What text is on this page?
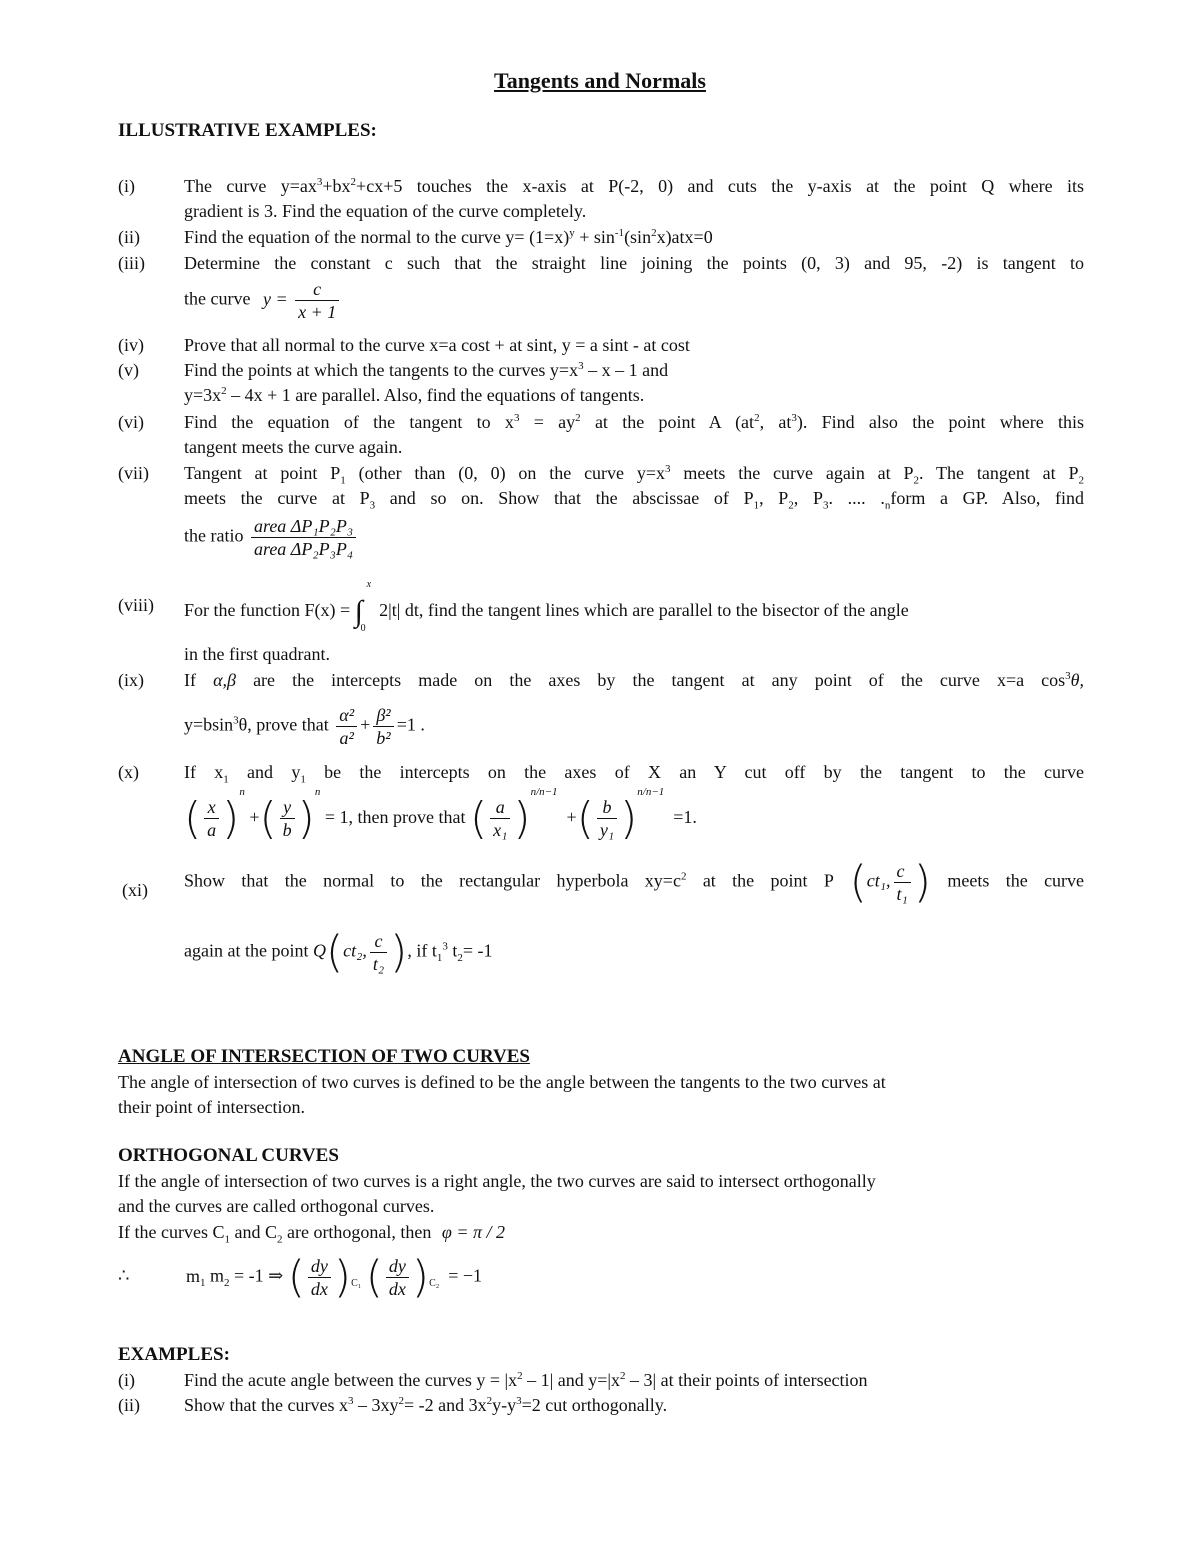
Tangents and Normals
ILLUSTRATIVE EXAMPLES:
(i)	The curve $y=ax^3+bx^2+cx+5$ touches the x-axis at P(-2, 0) and cuts the y-axis at the point Q where its
gradient is 3. Find the equation of the curve completely.
(ii) Find the equation of the normal to the curve $y= (1=x)^y + \sin^{-1}(\sin^2x)atx=0$
(iii) Determine the constant c such that the straight line joining the points (0, 3) and 95, -2) is tangent to
the curve $y = \frac{c}{x + 1}$
(iv) Prove that all normal to the curve x=a cost + at sint, y = a sint - at cost
(v)	Find the points at which the tangents to the curves $y=x^3 - x - 1$ and
$y=3x^2 - 4x + 1$ are parallel. Also, find the equations of tangents.
(vi) Find the equation of the tangent to $x^3 = ay^2$ at the point A ($at^2$, $at^3$). Find also the point where this
tangent meets the curve again.
(vii) Tangent at point $P_1$ (other than (0, 0) on the curve $y=x^3$ meets the curve again at $P_2$. The tangent at $P_2$
meets the curve at $P_3$ and so on. Show that the abscissae of $P_1$, $P_2$, $P_3$. .... $._nform$ a GP. Also, find
the ratio $\frac{\text{area ΔP₁P₂P₃}}{\text{area ΔP₂P₃P₄}}$
(viii) For the function F(x) = ∫
x
0
2|t| dt, find the tangent lines which are parallel to the bisector of the angle
in the first quadrant.
(ix) If α,β are the intercepts made on the axes by the tangent at any point of the curve x=a $\cos^3\theta$,
y=bsin$^3$θ, prove that $\frac{\text{α²}}{\text{a²}} + \frac{\text{β²}}{\text{b²}} =1$ .
(x)	If $x_1$ and $y_1$ be the intercepts on the axes of X an Y cut off by the tangent to the curve
( $\frac{x}{a} )^n$ +( $\frac{y}{b} )^n = 1$, then prove that ( $\frac{a}{\text{x₁}} )^{n/n-1}$  +( $\frac{b}{\text{y₁}} )^{n/n-1} =1$.
(xi) Show that the normal to the rectangular hyperbola $xy=c^2$ at the point P (ct₁, $\frac{c}{\text{t₁}}$ ) meets the curve
again at the point Q(ct₂, $\frac{c}{\text{t₂}}$ ), if $t_1^3$ $t_2= -1$
ANGLE OF INTERSECTION OF TWO CURVES
The angle of intersection of two curves is defined to be the angle between the tangents to the two curves at
their point of intersection.
ORTHOGONAL CURVES
If the angle of intersection of two curves is a right angle, the two curves are said to intersect orthogonally
and the curves are called orthogonal curves.
If the curves $C_1$ and $C_2$ are orthogonal, then φ = π / 2
∴	$m_1$ $m_2 = -1$ ⇒ ( $\frac{dy}{dx} )_{C_1}$ ( $\frac{dy}{dx} )_{C_2} = -1$
EXAMPLES:
(i)	Find the acute angle between the curves $y = |x^2 - 1|$ and $y=|x^2 - 3|$ at their points of intersection
(ii) Show that the curves $x^3 - 3xy^2= -2$ and $3x^2y-y^3=2$ cut orthogonally.
